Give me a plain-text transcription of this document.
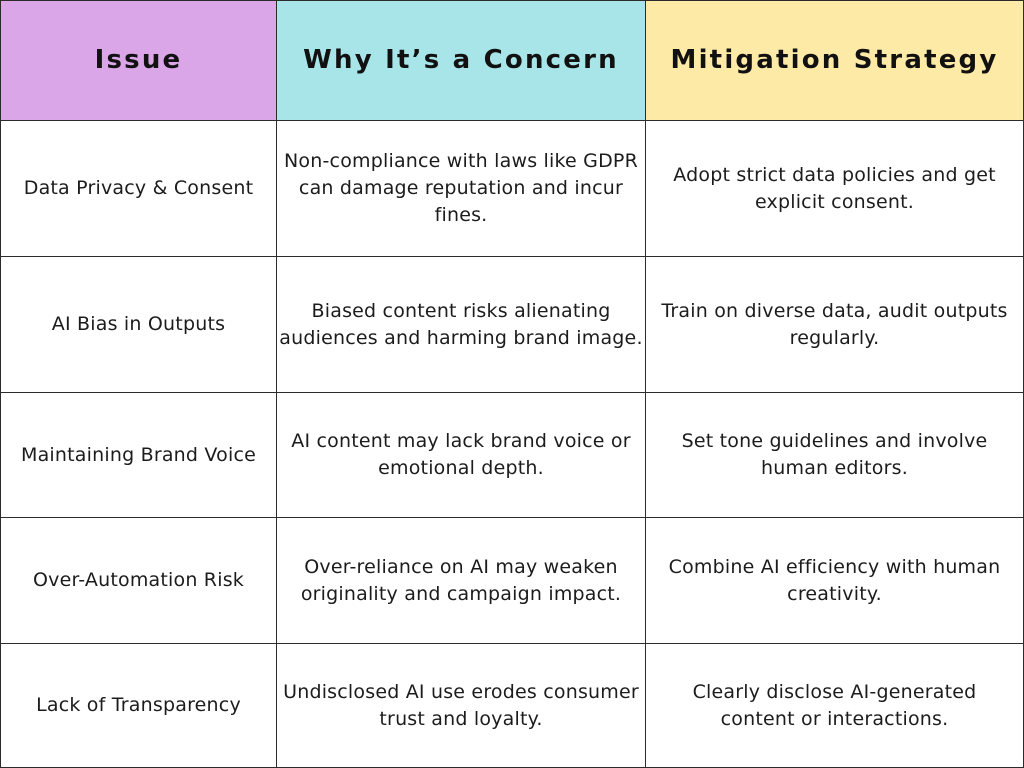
Issue	Why It’s a Concern	Mitigation Strategy
Data Privacy & Consent
Non-compliance with laws like GDPR can damage reputation and incur fines.
Adopt strict data policies and get explicit consent.
AI Bias in Outputs
Biased content risks alienating audiences and harming brand image.
Train on diverse data, audit outputs regularly.
Maintaining Brand Voice
AI content may lack brand voice or emotional depth.
Set tone guidelines and involve human editors.
Over-Automation Risk
Over-reliance on AI may weaken originality and campaign impact.
Combine AI efficiency with human creativity.
Lack of Transparency
Undisclosed AI use erodes consumer trust and loyalty.
Clearly disclose AI-generated content or interactions.
